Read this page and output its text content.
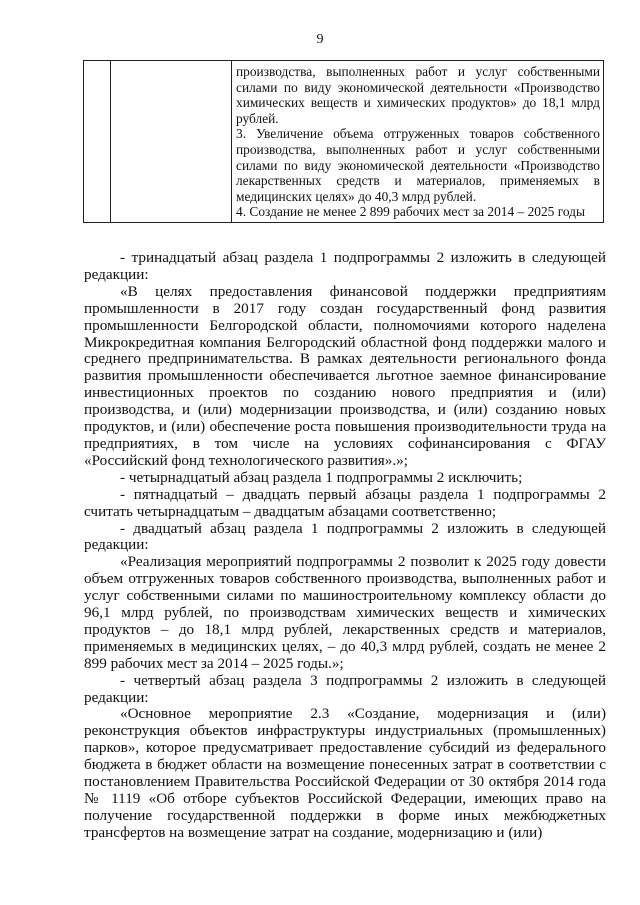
9

производства, выполненных работ и услуг собственными силами по виду экономической деятельности «Производство химических веществ и химических продуктов» до 18,1 млрд рублей.

3. Увеличение объема отгруженных товаров собственного производства, выполненных работ и услуг собственными силами по виду экономической деятельности «Производство лекарственных средств и материалов, применяемых в медицинских целях» до 40,3 млрд рублей.

4. Создание не менее 2 899 рабочих мест за 2014 – 2025 годы

- тринадцатый абзац раздела 1 подпрограммы 2 изложить в следующей редакции:

«В целях предоставления финансовой поддержки предприятиям промышленности в 2017 году создан государственный фонд развития промышленности Белгородской области, полномочиями которого наделена Микрокредитная компания Белгородский областной фонд поддержки малого и среднего предпринимательства. В рамках деятельности регионального фонда развития промышленности обеспечивается льготное заемное финансирование инвестиционных проектов по созданию нового предприятия и (или) производства, и (или) модернизации производства, и (или) созданию новых продуктов, и (или) обеспечение роста повышения производительности труда на предприятиях, в том числе на условиях софинансирования с ФГАУ «Российский фонд технологического развития».»;

- четырнадцатый абзац раздела 1 подпрограммы 2 исключить;

- пятнадцатый – двадцать первый абзацы раздела 1 подпрограммы 2 считать четырнадцатым – двадцатым абзацами соответственно;

- двадцатый абзац раздела 1 подпрограммы 2 изложить в следующей редакции:

«Реализация мероприятий подпрограммы 2 позволит к 2025 году довести объем отгруженных товаров собственного производства, выполненных работ и услуг собственными силами по машиностроительному комплексу области до 96,1 млрд рублей, по производствам химических веществ и химических продуктов – до 18,1 млрд рублей, лекарственных средств и материалов, применяемых в медицинских целях, – до 40,3 млрд рублей, создать не менее 2 899 рабочих мест за 2014 – 2025 годы.»;

- четвертый абзац раздела 3 подпрограммы 2 изложить в следующей редакции:

«Основное мероприятие 2.3 «Создание, модернизация и (или) реконструкция объектов инфраструктуры индустриальных (промышленных) парков», которое предусматривает предоставление субсидий из федерального бюджета в бюджет области на возмещение понесенных затрат в соответствии с постановлением Правительства Российской Федерации от 30 октября 2014 года № 1119 «Об отборе субъектов Российской Федерации, имеющих право на получение государственной поддержки в форме иных межбюджетных трансфертов на возмещение затрат на создание, модернизацию и (или)
